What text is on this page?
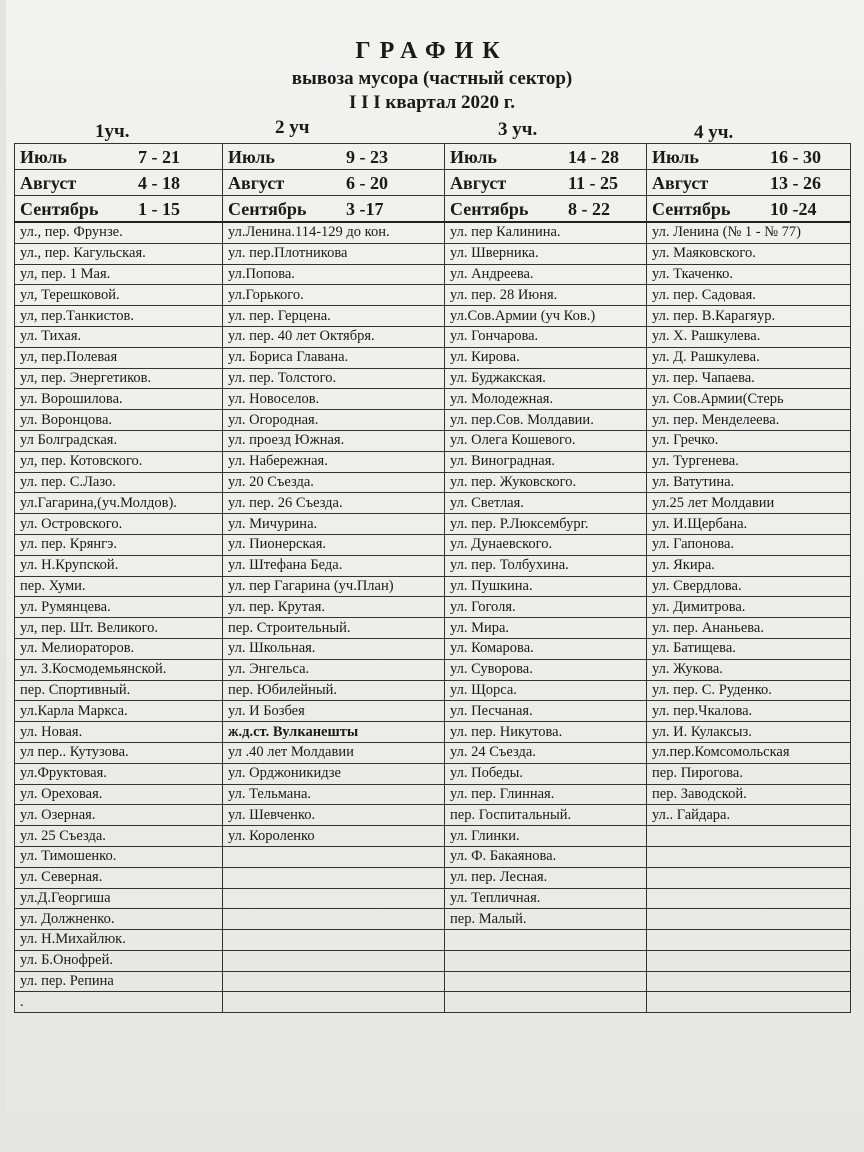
ГРАФИК
вывоза мусора (частный сектор)
I I I квартал 2020 г.
1уч.	2 уч	3 уч.	4 уч.
Июль 7 - 21	Июль 9 - 23	Июль 14 - 28	Июль 16 - 30
Август 4 - 18	Август 6 - 20	Август 11 - 25	Август 13 - 26
Сентябрь 1 - 15	Сентябрь 3 -17	Сентябрь 8 - 22	Сентябрь 10 -24
ул., пер. Фрунзе.	ул.Ленина.114-129 до кон.	ул. пер Калинина.	ул. Ленина (№ 1 - № 77)
ул., пер. Кагульская.	ул. пер.Плотникова	ул. Шверника.	ул. Маяковского.
ул, пер. 1 Мая.	ул.Попова.	ул. Андреева.	ул. Ткаченко.
ул, Терешковой.	ул.Горького.	ул. пер. 28 Июня.	ул. пер. Садовая.
ул, пер.Танкистов.	ул. пер. Герцена.	ул.Сов.Армии (уч Ков.)	ул. пер. В.Карагяур.
ул. Тихая.	ул. пер. 40 лет Октября.	ул. Гончарова.	ул. Х. Рашкулева.
ул, пер.Полевая	ул. Бориса Главана.	ул. Кирова.	ул. Д. Рашкулева.
ул, пер. Энергетиков.	ул. пер. Толстого.	ул. Буджакская.	ул. пер. Чапаева.
ул. Ворошилова.	ул. Новоселов.	ул. Молодежная.	ул. Сов.Армии(Стерь
ул. Воронцова.	ул. Огородная.	ул. пер.Сов. Молдавии.	ул. пер. Менделеева.
ул Болградская.	ул. проезд Южная.	ул. Олега Кошевого.	ул. Гречко.
ул, пер. Котовского.	ул. Набережная.	ул. Виноградная.	ул. Тургенева.
ул. пер. С.Лазо.	ул. 20 Съезда.	ул. пер. Жуковского.	ул. Ватутина.
ул.Гагарина,(уч.Молдов).	ул. пер. 26 Съезда.	ул. Светлая.	ул.25 лет Молдавии
ул. Островского.	ул. Мичурина.	ул. пер. Р.Люксембург.	ул. И.Щербана.
ул. пер. Крянгэ.	ул. Пионерская.	ул. Дунаевского.	ул. Гапонова.
ул. Н.Крупской.	ул. Штефана Беда.	ул. пер. Толбухина.	ул. Якира.
пер. Хуми.	ул. пер Гагарина (уч.План)	ул. Пушкина.	ул. Свердлова.
ул. Румянцева.	ул. пер. Крутая.	ул. Гоголя.	ул. Димитрова.
ул, пер. Шт. Великого.	пер. Строительный.	ул. Мира.	ул. пер. Ананьева.
ул. Мелиораторов.	ул. Школьная.	ул. Комарова.	ул. Батищева.
ул. З.Космодемьянской.	ул. Энгельса.	ул. Суворова.	ул. Жукова.
пер. Спортивный.	пер. Юбилейный.	ул. Щорса.	ул. пер. С. Руденко.
ул.Карла Маркса.	ул. И Бозбея	ул. Песчаная.	ул. пер.Чкалова.
ул. Новая.	ж.д.ст. Вулканешты	ул. пер. Никутова.	ул. И. Кулаксыз.
ул пер.. Кутузова.	ул .40 лет Молдавии	ул. 24 Съезда.	ул.пер.Комсомольская
ул.Фруктовая.	ул. Орджоникидзе	ул. Победы.	пер. Пирогова.
ул. Ореховая.	ул. Тельмана.	ул. пер. Глинная.	пер. Заводской.
ул. Озерная.	ул. Шевченко.	пер. Госпитальный.	ул.. Гайдара.
ул. 25 Съезда.	ул. Короленко	ул. Глинки.	
ул. Тимошенко.		ул. Ф. Бакаянова.	
ул. Северная.		ул. пер. Лесная.	
ул.Д.Георгиша		ул. Тепличная.	
ул. Должненко.		пер. Малый.	
ул. Н.Михайлюк.			
ул. Б.Онофрей.			
ул. пер. Репина			
.			
